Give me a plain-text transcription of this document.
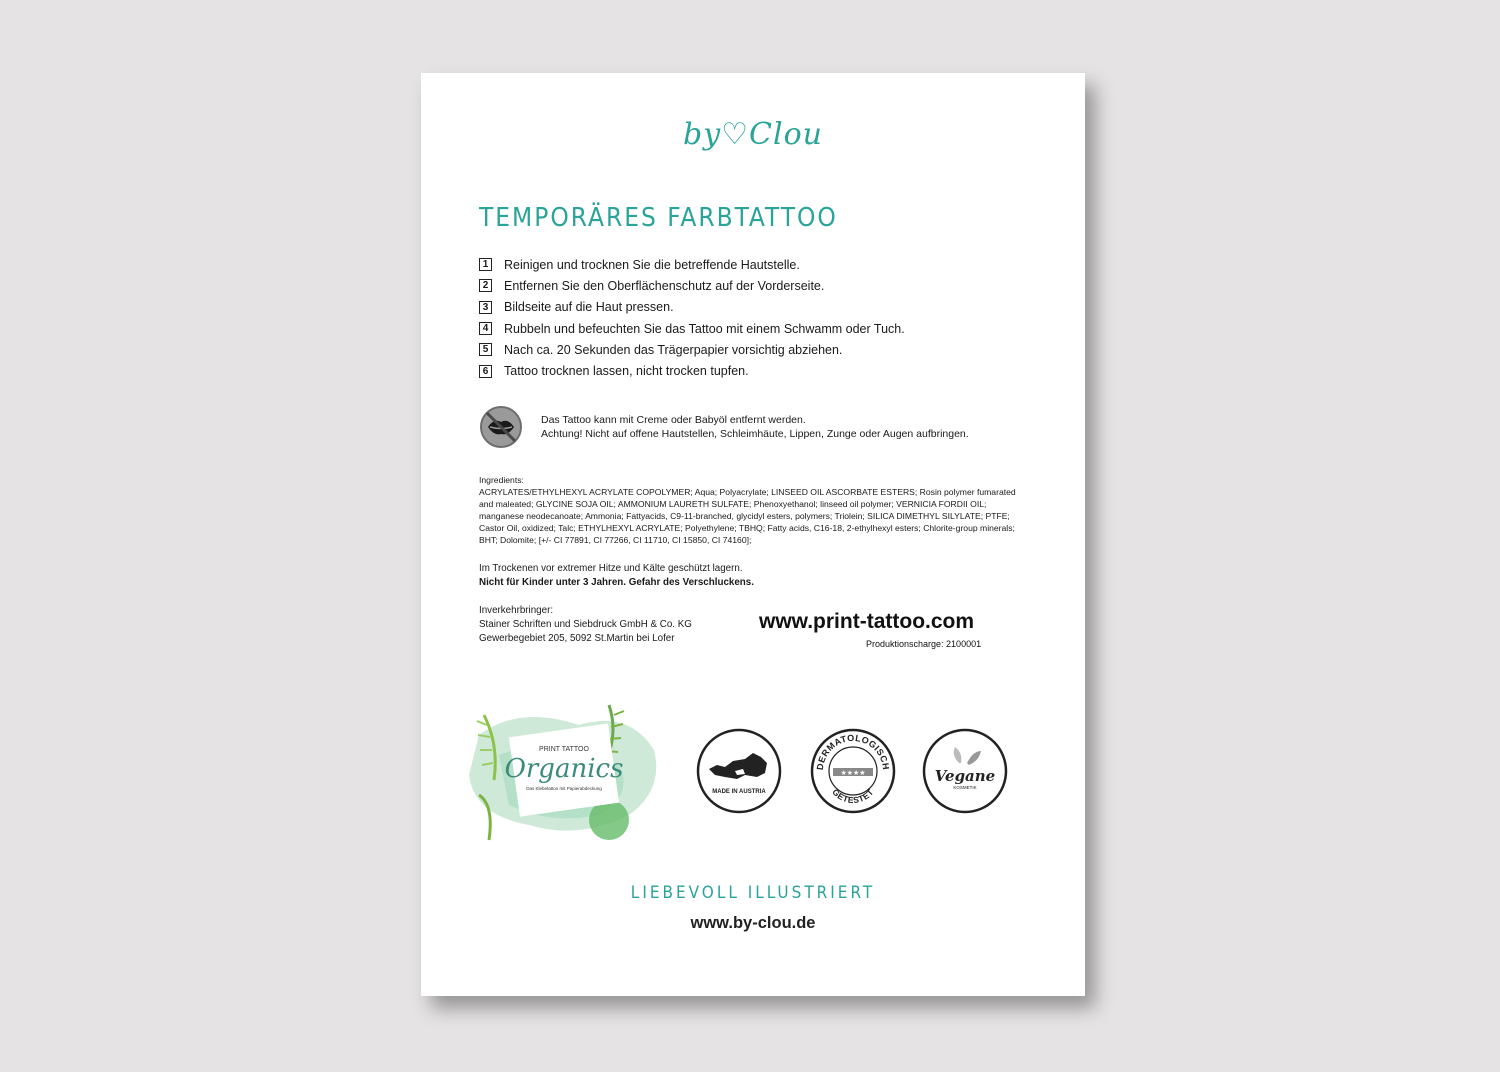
by♡Clou
TEMPORÄRES FARBTATTOO
1 Reinigen und trocknen Sie die betreffende Hautstelle.
2 Entfernen Sie den Oberflächenschutz auf der Vorderseite.
3 Bildseite auf die Haut pressen.
4 Rubbeln und befeuchten Sie das Tattoo mit einem Schwamm oder Tuch.
5 Nach ca. 20 Sekunden das Trägerpapier vorsichtig abziehen.
6 Tattoo trocknen lassen, nicht trocken tupfen.
Das Tattoo kann mit Creme oder Babyöl entfernt werden.
Achtung! Nicht auf offene Hautstellen, Schleimhäute, Lippen, Zunge oder Augen aufbringen.
Ingredients:
ACRYLATES/ETHYLHEXYL ACRYLATE COPOLYMER; Aqua; Polyacrylate; LINSEED OIL ASCORBATE ESTERS; Rosin polymer fumarated and maleated; GLYCINE SOJA OIL; AMMONIUM LAURETH SULFATE; Phenoxyethanol; linseed oil polymer; VERNICIA FORDII OIL; manganese neodecanoate; Ammonia; Fattyacids, C9-11-branched, glycidyl esters, polymers; Triolein; SILICA DIMETHYL SILYLATE; PTFE; Castor Oil, oxidized; Talc; ETHYLHEXYL ACRYLATE; Polyethylene; TBHQ; Fatty acids, C16-18, 2-ethylhexyl esters; Chlorite-group minerals; BHT; Dolomite; [+/- CI 77891, CI 77266, CI 11710, CI 15850, CI 74160];
Im Trockenen vor extremer Hitze und Kälte geschützt lagern.
Nicht für Kinder unter 3 Jahren. Gefahr des Verschluckens.
Inverkehrbringer:
Stainer Schriften und Siebdruck GmbH & Co. KG
Gewerbegebiet 205, 5092 St.Martin bei Lofer
www.print-tattoo.com
Produktionscharge: 2100001
PRINT TATTOO
Organics
Das Klebetattoo mit Papierabdeckung
MADE IN AUSTRIA
DERMATOLOGISCH
GETESTET
★★★★	Vegane
KOSMETIK
LIEBEVOLL ILLUSTRIERT
www.by-clou.de
